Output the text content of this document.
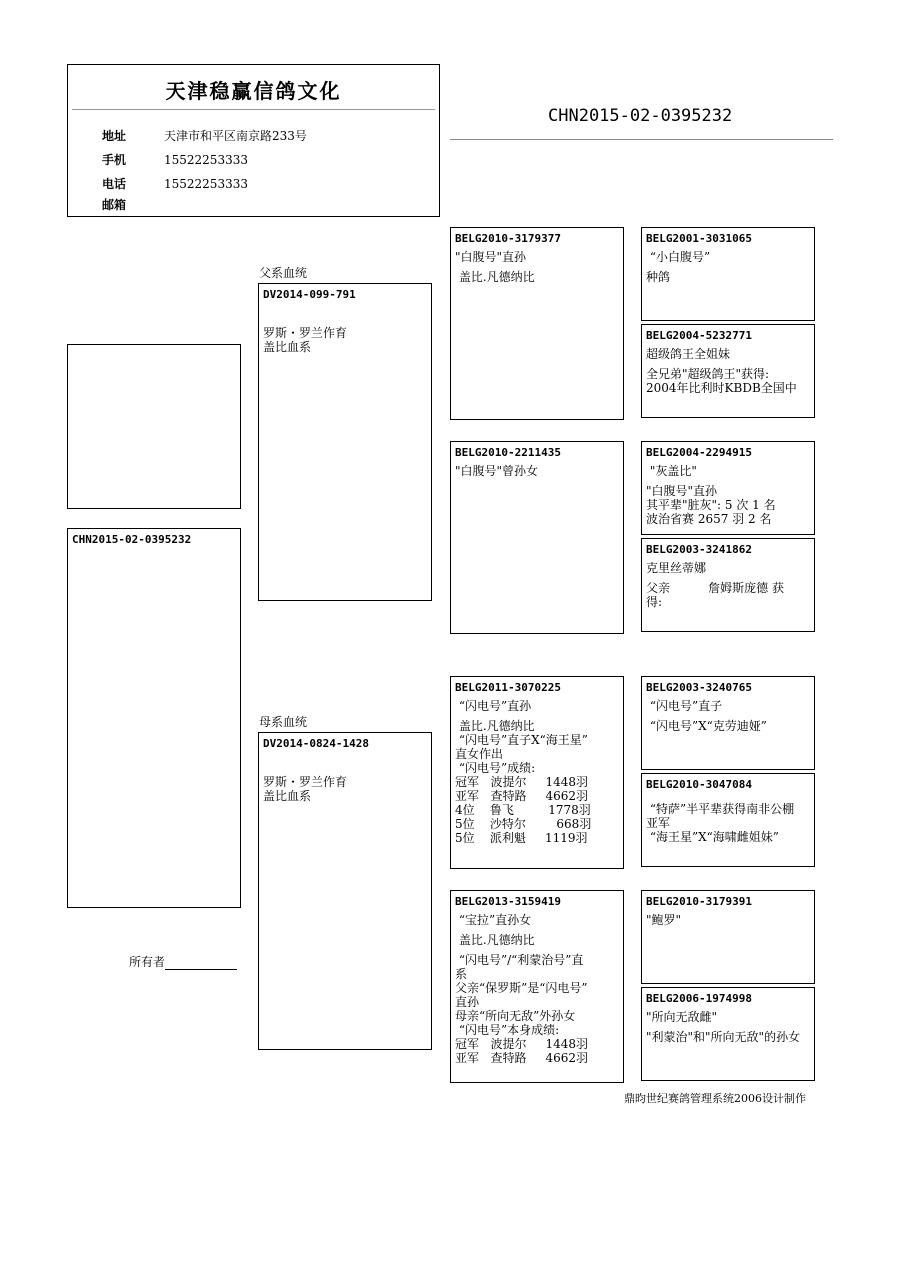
天津稳赢信鸽文化
地址	天津市和平区南京路233号
手机	15522253333
电话	15522253333
邮箱
CHN2015-02-0395232
CHN2015-02-0395232
所有者
父系血统
母系血统
DV2014-099-791
罗斯・罗兰作育
盖比血系
DV2014-0824-1428
罗斯・罗兰作育
盖比血系
BELG2010-3179377
"白腹号"直孙
盖比.凡德纳比
BELG2010-2211435
"白腹号"曾孙女
BELG2011-3070225
“闪电号”直孙
盖比.凡德纳比
“闪电号”直子X“海王星”
直女作出
“闪电号”成绩:
冠军   波提尔     1448羽
亚军   查特路     4662羽
4位    鲁飞         1778羽
5位    沙特尔        668羽
5位    派利魁     1119羽
BELG2013-3159419
“宝拉”直孙女
盖比.凡德纳比
“闪电号”/“利蒙治号”直
系
父亲“保罗斯”是“闪电号”
直孙
母亲“所向无敌”外孙女
“闪电号”本身成绩:
冠军   波提尔     1448羽
亚军   查特路     4662羽
BELG2001-3031065
“小白腹号”
种鸽
BELG2004-5232771
超级鸽王全姐妹
全兄弟"超级鸽王"获得:
2004年比利时KBDB全国中
BELG2004-2294915
"灰盖比"
"白腹号"直孙
其平辈"脏灰": 5 次 1 名
波治省赛 2657 羽 2 名
BELG2003-3241862
克里丝蒂娜
父亲          詹姆斯庞德 获
得:
BELG2003-3240765
“闪电号”直子
“闪电号”X“克劳迪娅”
BELG2010-3047084
“特萨”半平辈获得南非公棚
亚军
“海王星”X“海啸雌姐妹”
BELG2010-3179391
"鲍罗"
BELG2006-1974998
"所向无敌雌"
"利蒙治"和"所向无敌"的孙女
鼎昀世纪赛鸽管理系统2006设计制作
